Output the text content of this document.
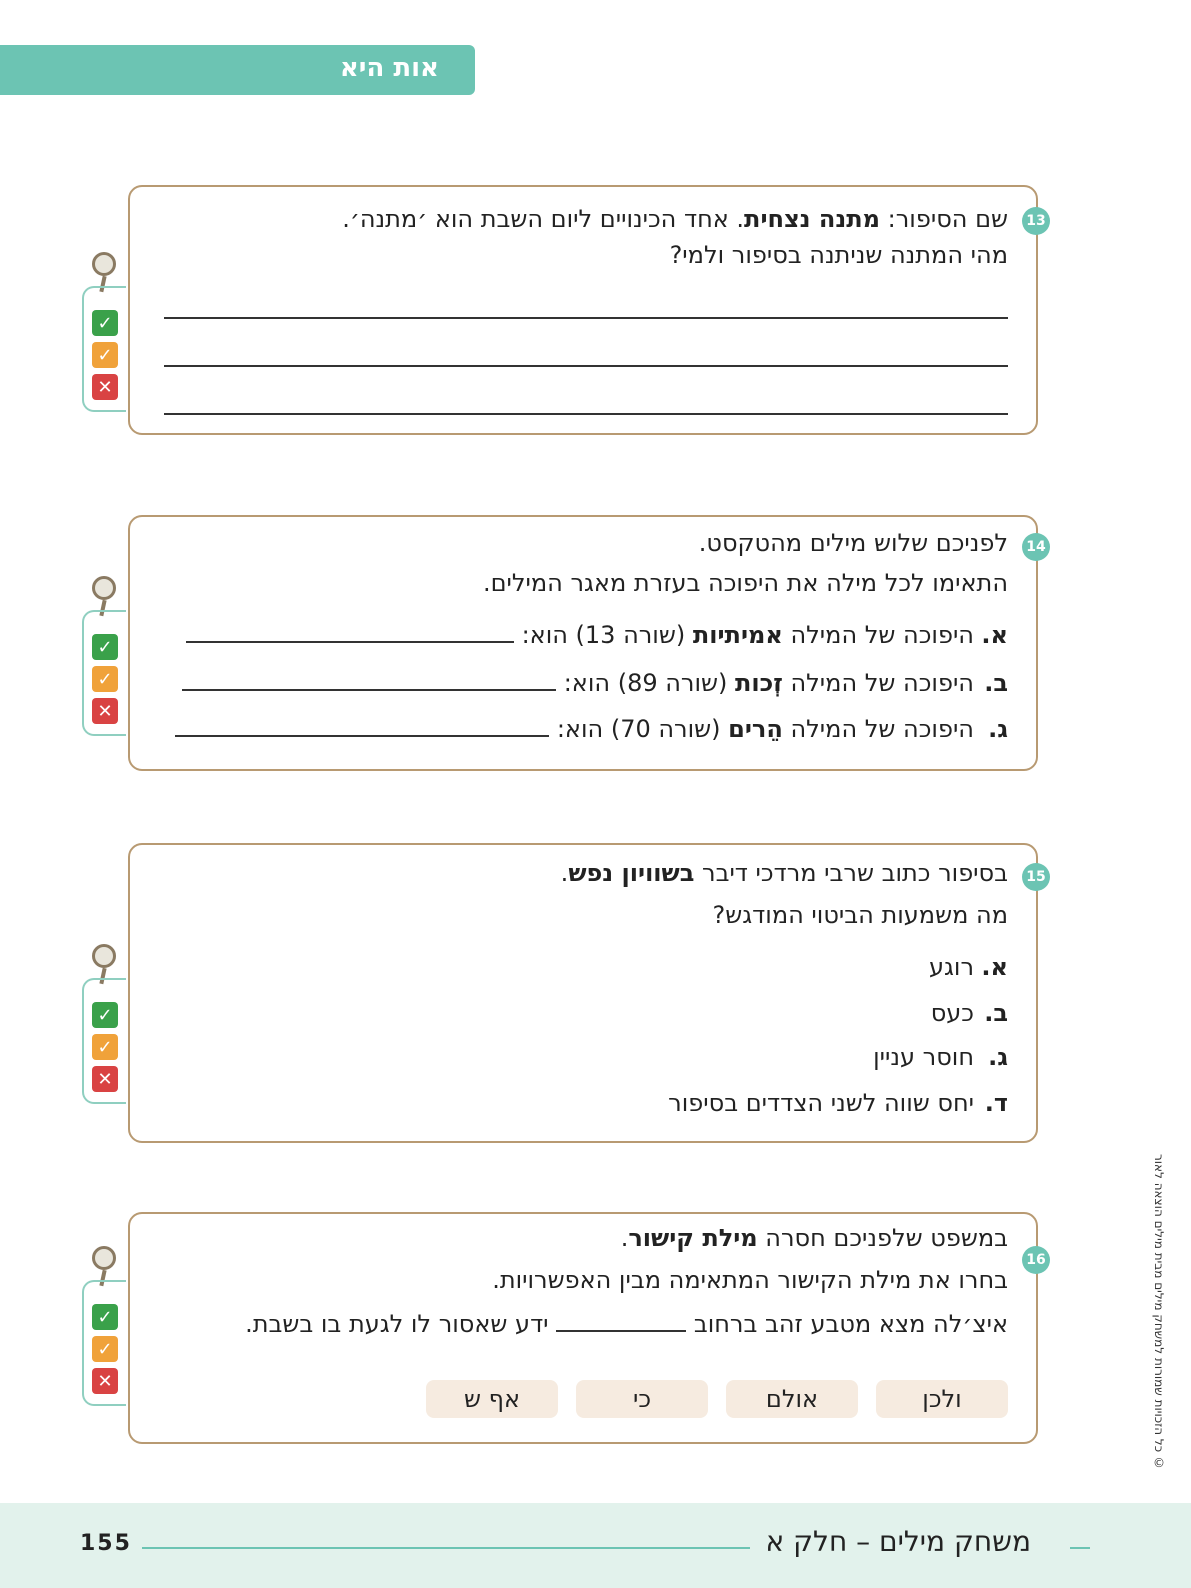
אות היא
✓
✓
✕
13
שם הסיפור: מתנה נצחית. אחד הכינויים ליום השבת הוא ׳מתנה׳.
מהי המתנה שניתנה בסיפור ולמי?
✓
✓
✕
14
לפניכם שלוש מילים מהטקסט.
התאימו לכל מילה את היפוכה בעזרת מאגר המילים.
א.היפוכה של המילה אמיתיות (שורה 13) הוא:
ב.היפוכה של המילה זְכות (שורה 89) הוא:
ג.היפוכה של המילה הֵרים (שורה 70) הוא:
✓
✓
✕
15
בסיפור כתוב שרבי מרדכי דיבר בשוויון נפש.
מה משמעות הביטוי המודגש?
א.רוגע
ב.כעס
ג.חוסר עניין
ד.יחס שווה לשני הצדדים בסיפור
✓
✓
✕
16
במשפט שלפניכם חסרה מילת קישור.
בחרו את מילת הקישור המתאימה מבין האפשרויות.
איצ׳לה מצא מטבע זהב ברחוב  ידע שאסור לו לגעת בו בשבת.
ולכן
אולם
כי
אף ש	© כל הזכויות שמורות למשחק מילים מבית מילים הוצאה לאור
155	משחק מילים – חלק א
